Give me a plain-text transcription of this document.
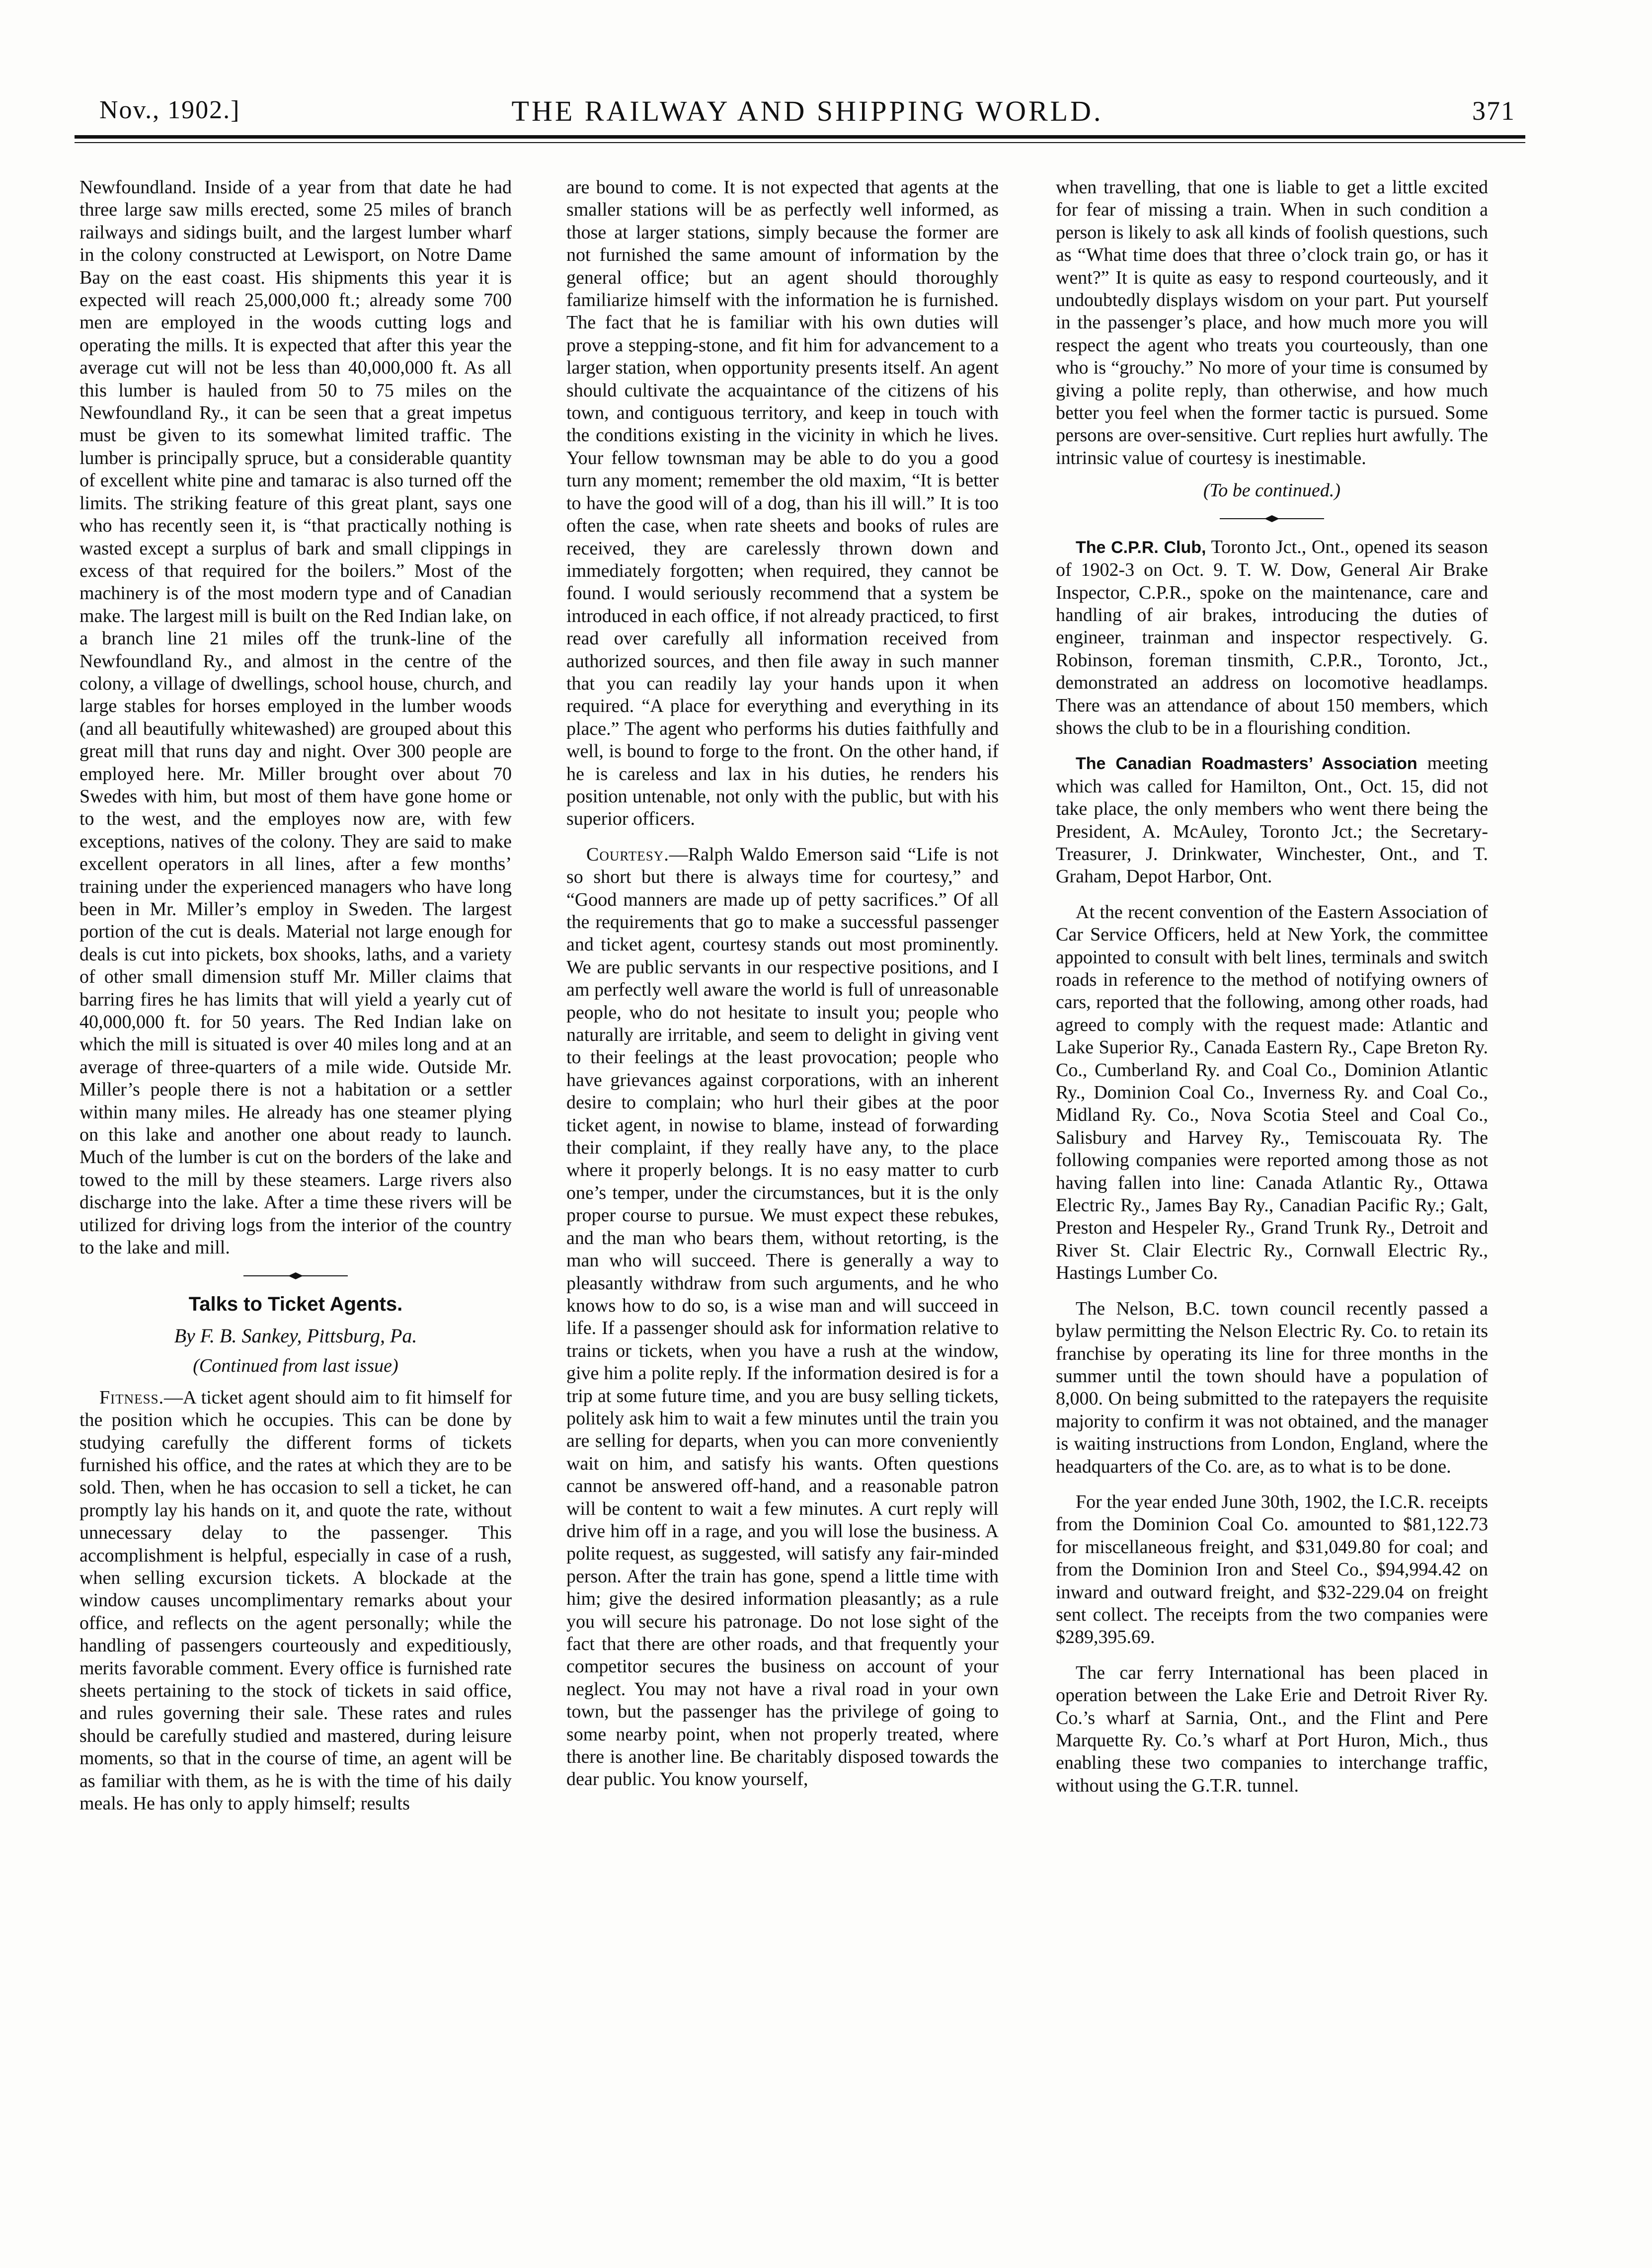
Nov., 1902.]	THE RAILWAY AND SHIPPING WORLD.	371

Newfoundland. Inside of a year from that date he had three large saw mills erected, some 25 miles of branch railways and sidings built, and the largest lumber wharf in the colony constructed at Lewisport, on Notre Dame Bay on the east coast. His shipments this year it is expected will reach 25,000,000 ft.; already some 700 men are employed in the woods cutting logs and operating the mills. It is expected that after this year the average cut will not be less than 40,000,000 ft. As all this lumber is hauled from 50 to 75 miles on the Newfoundland Ry., it can be seen that a great impetus must be given to its somewhat limited traffic. The lumber is principally spruce, but a considerable quantity of excellent white pine and tamarac is also turned off the limits. The striking feature of this great plant, says one who has recently seen it, is “that practically nothing is wasted except a surplus of bark and small clippings in excess of that required for the boilers.” Most of the machinery is of the most modern type and of Canadian make. The largest mill is built on the Red Indian lake, on a branch line 21 miles off the trunk-line of the Newfoundland Ry., and almost in the centre of the colony, a village of dwellings, school house, church, and large stables for horses employed in the lumber woods (and all beautifully whitewashed) are grouped about this great mill that runs day and night. Over 300 people are employed here. Mr. Miller brought over about 70 Swedes with him, but most of them have gone home or to the west, and the employes now are, with few exceptions, natives of the colony. They are said to make excellent operators in all lines, after a few months’ training under the experienced managers who have long been in Mr. Miller’s employ in Sweden. The largest portion of the cut is deals. Material not large enough for deals is cut into pickets, box shooks, laths, and a variety of other small dimension stuff Mr. Miller claims that barring fires he has limits that will yield a yearly cut of 40,000,000 ft. for 50 years. The Red Indian lake on which the mill is situated is over 40 miles long and at an average of three-quarters of a mile wide. Outside Mr. Miller’s people there is not a habitation or a settler within many miles. He already has one steamer plying on this lake and another one about ready to launch. Much of the lumber is cut on the borders of the lake and towed to the mill by these steamers. Large rivers also discharge into the lake. After a time these rivers will be utilized for driving logs from the interior of the country to the lake and mill.

Talks to Ticket Agents.
By F. B. Sankey, Pittsburg, Pa.
(Continued from last issue)

Fitness.—A ticket agent should aim to fit himself for the position which he occupies. This can be done by studying carefully the different forms of tickets furnished his office, and the rates at which they are to be sold. Then, when he has occasion to sell a ticket, he can promptly lay his hands on it, and quote the rate, without unnecessary delay to the passenger. This accomplishment is helpful, especially in case of a rush, when selling excursion tickets. A blockade at the window causes uncomplimentary remarks about your office, and reflects on the agent personally; while the handling of passengers courteously and expeditiously, merits favorable comment. Every office is furnished rate sheets pertaining to the stock of tickets in said office, and rules governing their sale. These rates and rules should be carefully studied and mastered, during leisure moments, so that in the course of time, an agent will be as familiar with them, as he is with the time of his daily meals. He has only to apply himself; results

are bound to come. It is not expected that agents at the smaller stations will be as perfectly well informed, as those at larger stations, simply because the former are not furnished the same amount of information by the general office; but an agent should thoroughly familiarize himself with the information he is furnished. The fact that he is familiar with his own duties will prove a stepping-stone, and fit him for advancement to a larger station, when opportunity presents itself. An agent should cultivate the acquaintance of the citizens of his town, and contiguous territory, and keep in touch with the conditions existing in the vicinity in which he lives. Your fellow townsman may be able to do you a good turn any moment; remember the old maxim, “It is better to have the good will of a dog, than his ill will.” It is too often the case, when rate sheets and books of rules are received, they are carelessly thrown down and immediately forgotten; when required, they cannot be found. I would seriously recommend that a system be introduced in each office, if not already practiced, to first read over carefully all information received from authorized sources, and then file away in such manner that you can readily lay your hands upon it when required. “A place for everything and everything in its place.” The agent who performs his duties faithfully and well, is bound to forge to the front. On the other hand, if he is careless and lax in his duties, he renders his position untenable, not only with the public, but with his superior officers.

Courtesy.—Ralph Waldo Emerson said “Life is not so short but there is always time for courtesy,” and “Good manners are made up of petty sacrifices.” Of all the requirements that go to make a successful passenger and ticket agent, courtesy stands out most prominently. We are public servants in our respective positions, and I am perfectly well aware the world is full of unreasonable people, who do not hesitate to insult you; people who naturally are irritable, and seem to delight in giving vent to their feelings at the least provocation; people who have grievances against corporations, with an inherent desire to complain; who hurl their gibes at the poor ticket agent, in nowise to blame, instead of forwarding their complaint, if they really have any, to the place where it properly belongs. It is no easy matter to curb one’s temper, under the circumstances, but it is the only proper course to pursue. We must expect these rebukes, and the man who bears them, without retorting, is the man who will succeed. There is generally a way to pleasantly withdraw from such arguments, and he who knows how to do so, is a wise man and will succeed in life. If a passenger should ask for information relative to trains or tickets, when you have a rush at the window, give him a polite reply. If the information desired is for a trip at some future time, and you are busy selling tickets, politely ask him to wait a few minutes until the train you are selling for departs, when you can more conveniently wait on him, and satisfy his wants. Often questions cannot be answered off-hand, and a reasonable patron will be content to wait a few minutes. A curt reply will drive him off in a rage, and you will lose the business. A polite request, as suggested, will satisfy any fair-minded person. After the train has gone, spend a little time with him; give the desired information pleasantly; as a rule you will secure his patronage. Do not lose sight of the fact that there are other roads, and that frequently your competitor secures the business on account of your neglect. You may not have a rival road in your own town, but the passenger has the privilege of going to some nearby point, when not properly treated, where there is another line. Be charitably disposed towards the dear public. You know yourself,

when travelling, that one is liable to get a little excited for fear of missing a train. When in such condition a person is likely to ask all kinds of foolish questions, such as “What time does that three o’clock train go, or has it went?” It is quite as easy to respond courteously, and it undoubtedly displays wisdom on your part. Put yourself in the passenger’s place, and how much more you will respect the agent who treats you courteously, than one who is “grouchy.” No more of your time is consumed by giving a polite reply, than otherwise, and how much better you feel when the former tactic is pursued. Some persons are over-sensitive. Curt replies hurt awfully. The intrinsic value of courtesy is inestimable.

(To be continued.)

The C.P.R. Club, Toronto Jct., Ont., opened its season of 1902-3 on Oct. 9. T. W. Dow, General Air Brake Inspector, C.P.R., spoke on the maintenance, care and handling of air brakes, introducing the duties of engineer, trainman and inspector respectively. G. Robinson, foreman tinsmith, C.P.R., Toronto, Jct., demonstrated an address on locomotive headlamps. There was an attendance of about 150 members, which shows the club to be in a flourishing condition.

The Canadian Roadmasters’ Association meeting which was called for Hamilton, Ont., Oct. 15, did not take place, the only members who went there being the President, A. McAuley, Toronto Jct.; the Secretary-Treasurer, J. Drinkwater, Winchester, Ont., and T. Graham, Depot Harbor, Ont.

At the recent convention of the Eastern Association of Car Service Officers, held at New York, the committee appointed to consult with belt lines, terminals and switch roads in reference to the method of notifying owners of cars, reported that the following, among other roads, had agreed to comply with the request made: Atlantic and Lake Superior Ry., Canada Eastern Ry., Cape Breton Ry. Co., Cumberland Ry. and Coal Co., Dominion Atlantic Ry., Dominion Coal Co., Inverness Ry. and Coal Co., Midland Ry. Co., Nova Scotia Steel and Coal Co., Salisbury and Harvey Ry., Temiscouata Ry. The following companies were reported among those as not having fallen into line: Canada Atlantic Ry., Ottawa Electric Ry., James Bay Ry., Canadian Pacific Ry.; Galt, Preston and Hespeler Ry., Grand Trunk Ry., Detroit and River St. Clair Electric Ry., Cornwall Electric Ry., Hastings Lumber Co.

The Nelson, B.C. town council recently passed a bylaw permitting the Nelson Electric Ry. Co. to retain its franchise by operating its line for three months in the summer until the town should have a population of 8,000. On being submitted to the ratepayers the requisite majority to confirm it was not obtained, and the manager is waiting instructions from London, England, where the headquarters of the Co. are, as to what is to be done.

For the year ended June 30th, 1902, the I.C.R. receipts from the Dominion Coal Co. amounted to $81,122.73 for miscellaneous freight, and $31,049.80 for coal; and from the Dominion Iron and Steel Co., $94,994.42 on inward and outward freight, and $32-229.04 on freight sent collect. The receipts from the two companies were $289,395.69.

The car ferry International has been placed in operation between the Lake Erie and Detroit River Ry. Co.’s wharf at Sarnia, Ont., and the Flint and Pere Marquette Ry. Co.’s wharf at Port Huron, Mich., thus enabling these two companies to interchange traffic, without using the G.T.R. tunnel.
